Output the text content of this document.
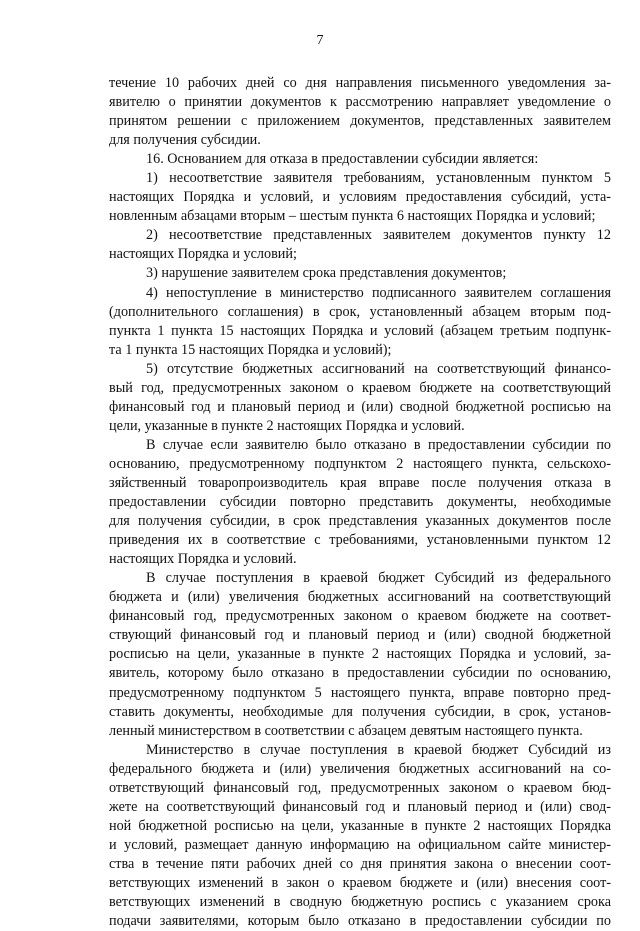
7
течение 10 рабочих дней со дня направления письменного уведомления за-
явителю о принятии документов к рассмотрению направляет уведомление о
принятом решении с приложением документов, представленных заявителем
для получения субсидии.
16. Основанием для отказа в предоставлении субсидии является:
1) несоответствие заявителя требованиям, установленным пунктом 5
настоящих Порядка и условий, и условиям предоставления субсидий, уста-
новленным абзацами вторым – шестым пункта 6 настоящих Порядка и условий;
2) несоответствие представленных заявителем документов пункту 12
настоящих Порядка и условий;
3) нарушение заявителем срока представления документов;
4) непоступление в министерство подписанного заявителем соглашения
(дополнительного соглашения) в срок, установленный абзацем вторым под-
пункта 1 пункта 15 настоящих Порядка и условий (абзацем третьим подпунк-
та 1 пункта 15 настоящих Порядка и условий);
5) отсутствие бюджетных ассигнований на соответствующий финансо-
вый год, предусмотренных законом о краевом бюджете на соответствующий
финансовый год и плановый период и (или) сводной бюджетной росписью на
цели, указанные в пункте 2 настоящих Порядка и условий.
В случае если заявителю было отказано в предоставлении субсидии по
основанию, предусмотренному подпунктом 2 настоящего пункта, сельскохо-
зяйственный товаропроизводитель края вправе после получения отказа в
предоставлении субсидии повторно представить документы, необходимые
для получения субсидии, в срок представления указанных документов после
приведения их в соответствие с требованиями, установленными пунктом 12
настоящих Порядка и условий.
В случае поступления в краевой бюджет Субсидий из федерального
бюджета и (или) увеличения бюджетных ассигнований на соответствующий
финансовый год, предусмотренных законом о краевом бюджете на соответ-
ствующий финансовый год и плановый период и (или) сводной бюджетной
росписью на цели, указанные в пункте 2 настоящих Порядка и условий, за-
явитель, которому было отказано в предоставлении субсидии по основанию,
предусмотренному подпунктом 5 настоящего пункта, вправе повторно пред-
ставить документы, необходимые для получения субсидии, в срок, установ-
ленный министерством в соответствии с абзацем девятым настоящего пункта.
Министерство в случае поступления в краевой бюджет Субсидий из
федерального бюджета и (или) увеличения бюджетных ассигнований на со-
ответствующий финансовый год, предусмотренных законом о краевом бюд-
жете на соответствующий финансовый год и плановый период и (или) свод-
ной бюджетной росписью на цели, указанные в пункте 2 настоящих Порядка
и условий, размещает данную информацию на официальном сайте министер-
ства в течение пяти рабочих дней со дня принятия закона о внесении соот-
ветствующих изменений в закон о краевом бюджете и (или) внесения соот-
ветствующих изменений в сводную бюджетную роспись с указанием срока
подачи заявителями, которым было отказано в предоставлении субсидии по
